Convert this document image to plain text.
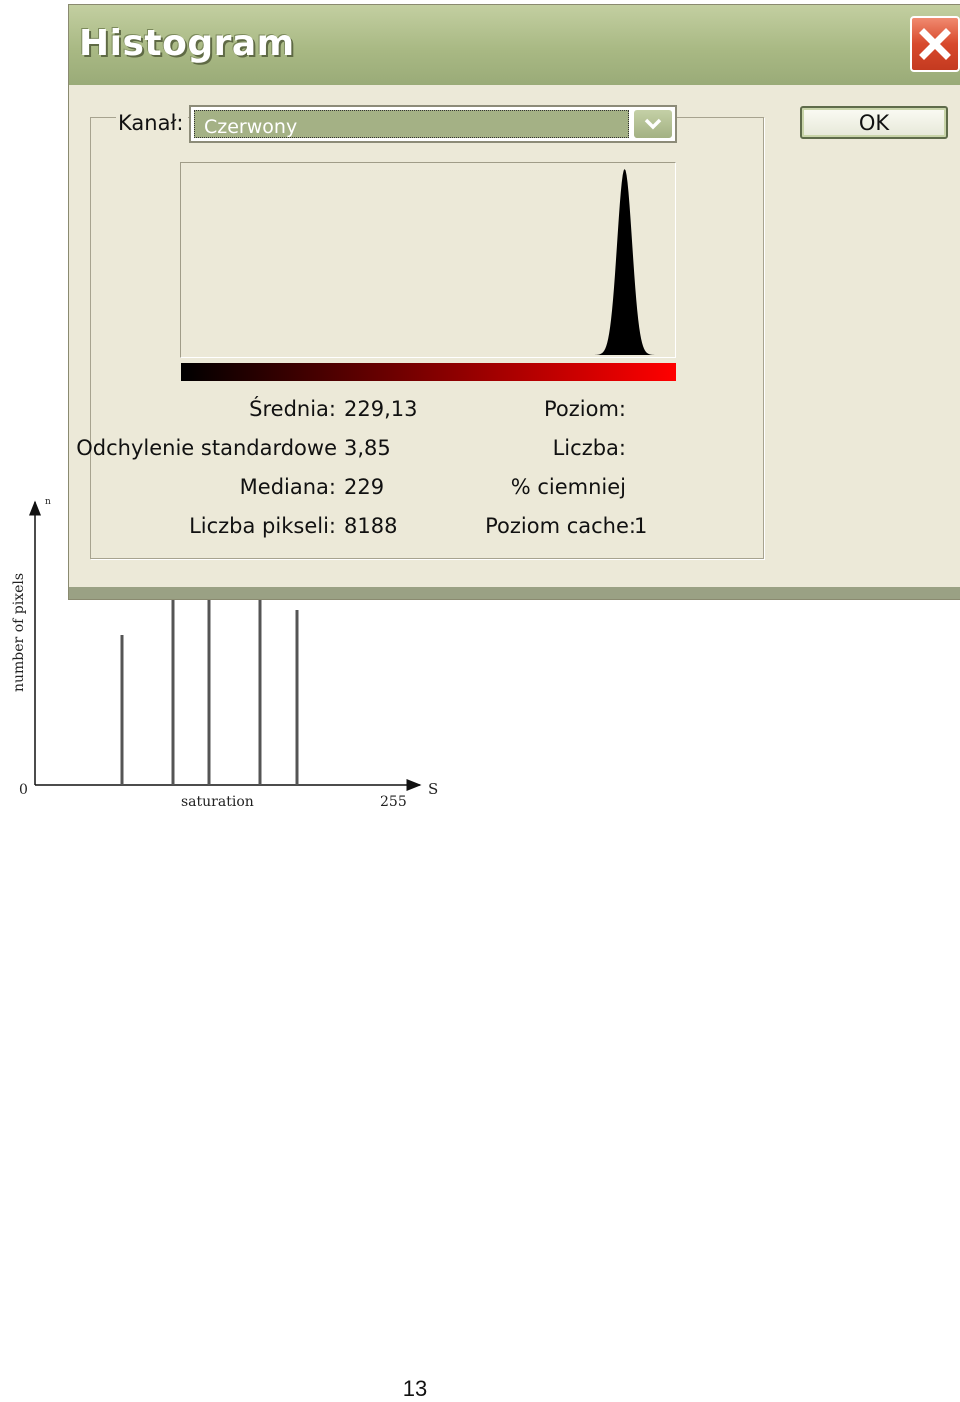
n
number of pixels
0
saturation	255
S
Histogram
Kanał: Czerwony	OK
Średnia: 229,13
Odchylenie standardowe 3,85
Mediana: 229
Liczba pikseli: 8188
Poziom:
Liczba:
% ciemniej
Poziom cache:
1
13
